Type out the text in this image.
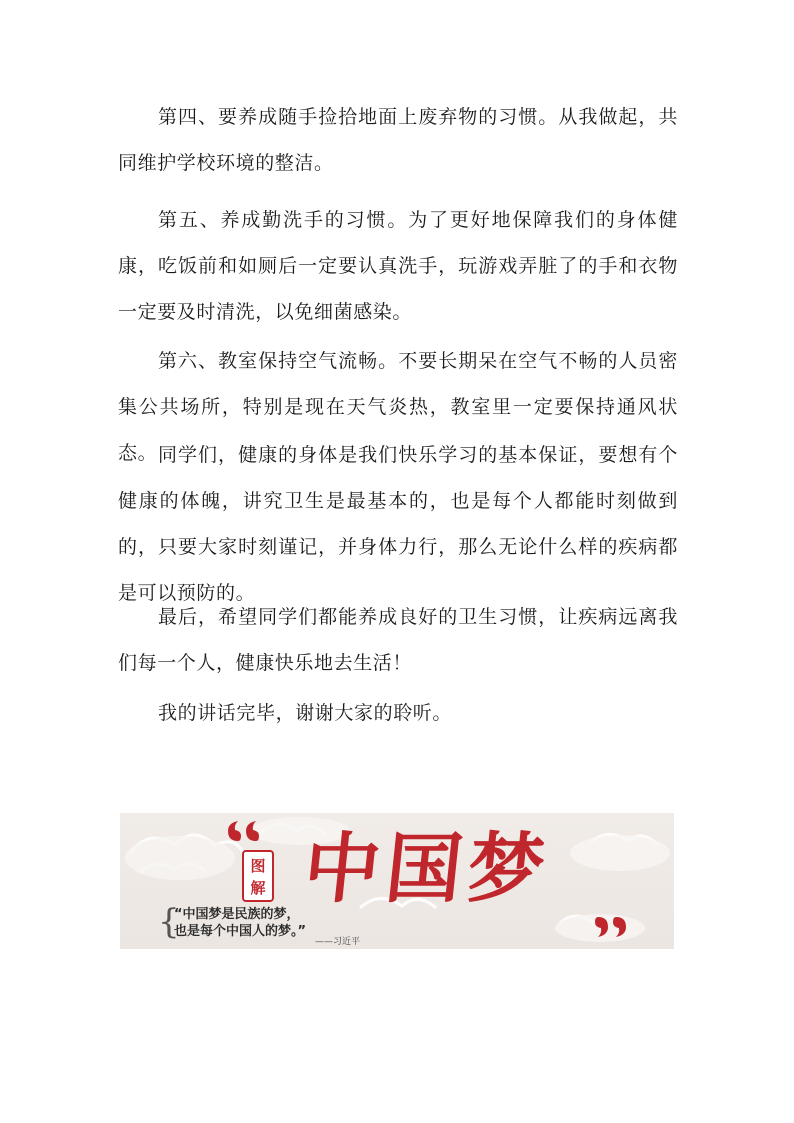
第四、要养成随手捡拾地面上废弃物的习惯。从我做起，共同维护学校环境的整洁。

第五、养成勤洗手的习惯。为了更好地保障我们的身体健康，吃饭前和如厕后一定要认真洗手，玩游戏弄脏了的手和衣物一定要及时清洗，以免细菌感染。

第六、教室保持空气流畅。不要长期呆在空气不畅的人员密集公共场所，特别是现在天气炎热，教室里一定要保持通风状态。 同学们，健康的身体是我们快乐学习的基本保证，要想有个健康的体魄，讲究卫生是最基本的，也是每个人都能时刻做到的，只要大家时刻谨记，并身体力行，那么无论什么样的疾病都是可以预防的。

最后，希望同学们都能养成良好的卫生习惯，让疾病远离我们每一个人，健康快乐地去生活！

我的讲话完毕，谢谢大家的聆听。

图
解 中国梦
{
“中国梦是民族的梦，
也是每个中国人的梦。”
——习近平
